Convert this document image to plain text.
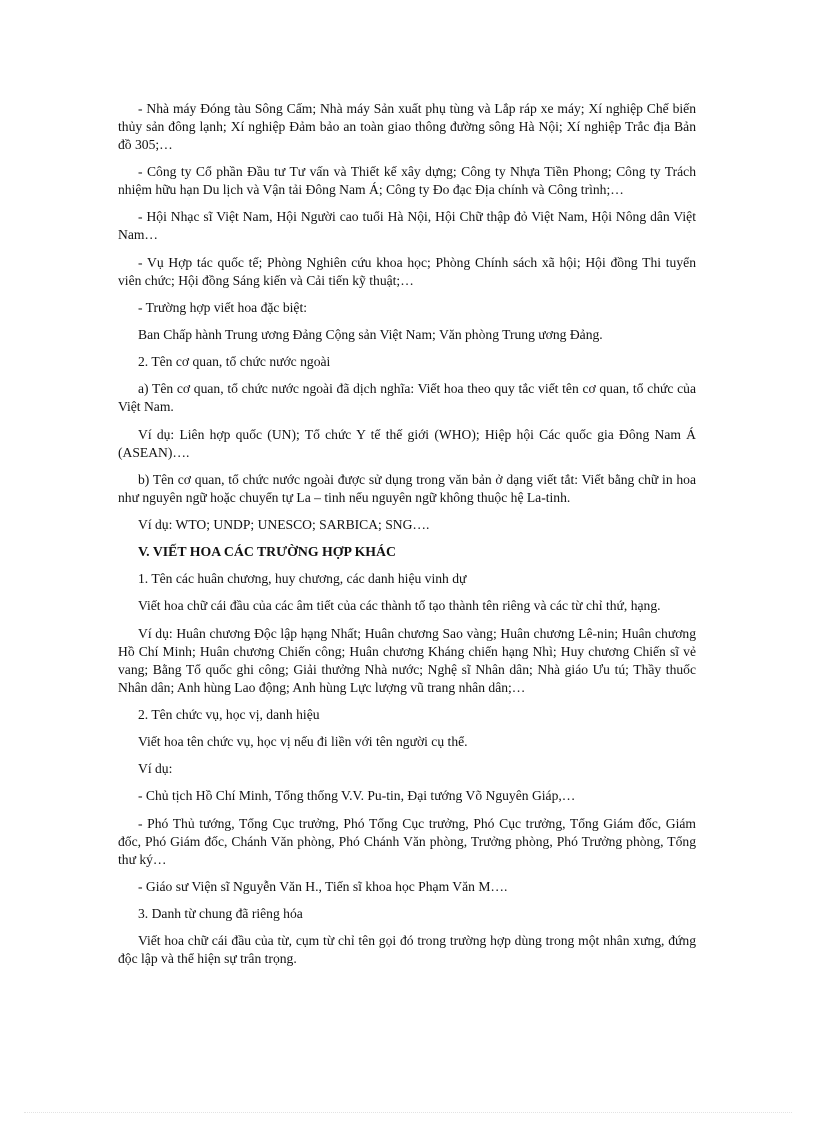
- Nhà máy Đóng tàu Sông Cấm; Nhà máy Sản xuất phụ tùng và Lắp ráp xe máy; Xí nghiệp Chế biến thủy sản đông lạnh; Xí nghiệp Đảm bảo an toàn giao thông đường sông Hà Nội; Xí nghiệp Trắc địa Bản đồ 305;…

- Công ty Cổ phần Đầu tư Tư vấn và Thiết kế xây dựng; Công ty Nhựa Tiền Phong; Công ty Trách nhiệm hữu hạn Du lịch và Vận tải Đông Nam Á; Công ty Đo đạc Địa chính và Công trình;…

- Hội Nhạc sĩ Việt Nam, Hội Người cao tuổi Hà Nội, Hội Chữ thập đỏ Việt Nam, Hội Nông dân Việt Nam…

- Vụ Hợp tác quốc tế; Phòng Nghiên cứu khoa học; Phòng Chính sách xã hội; Hội đồng Thi tuyển viên chức; Hội đồng Sáng kiến và Cải tiến kỹ thuật;…

- Trường hợp viết hoa đặc biệt:

Ban Chấp hành Trung ương Đảng Cộng sản Việt Nam; Văn phòng Trung ương Đảng.

2. Tên cơ quan, tổ chức nước ngoài

a) Tên cơ quan, tổ chức nước ngoài đã dịch nghĩa: Viết hoa theo quy tắc viết tên cơ quan, tổ chức của Việt Nam.

Ví dụ: Liên hợp quốc (UN); Tổ chức Y tế thế giới (WHO); Hiệp hội Các quốc gia Đông Nam Á (ASEAN)….

b) Tên cơ quan, tổ chức nước ngoài được sử dụng trong văn bản ở dạng viết tắt: Viết bằng chữ in hoa như nguyên ngữ hoặc chuyển tự La – tinh nếu nguyên ngữ không thuộc hệ La-tinh.

Ví dụ: WTO; UNDP; UNESCO; SARBICA; SNG….

V. VIẾT HOA CÁC TRƯỜNG HỢP KHÁC

1. Tên các huân chương, huy chương, các danh hiệu vinh dự

Viết hoa chữ cái đầu của các âm tiết của các thành tố tạo thành tên riêng và các từ chỉ thứ, hạng.

Ví dụ: Huân chương Độc lập hạng Nhất; Huân chương Sao vàng; Huân chương Lê-nin; Huân chương Hồ Chí Minh; Huân chương Chiến công; Huân chương Kháng chiến hạng Nhì; Huy chương Chiến sĩ vẻ vang; Bằng Tổ quốc ghi công; Giải thưởng Nhà nước; Nghệ sĩ Nhân dân; Nhà giáo Ưu tú; Thầy thuốc Nhân dân; Anh hùng Lao động; Anh hùng Lực lượng vũ trang nhân dân;…

2. Tên chức vụ, học vị, danh hiệu

Viết hoa tên chức vụ, học vị nếu đi liền với tên người cụ thể.

Ví dụ:

- Chủ tịch Hồ Chí Minh, Tổng thống V.V. Pu-tin, Đại tướng Võ Nguyên Giáp,…

- Phó Thủ tướng, Tổng Cục trưởng, Phó Tổng Cục trưởng, Phó Cục trưởng, Tổng Giám đốc, Giám đốc, Phó Giám đốc, Chánh Văn phòng, Phó Chánh Văn phòng, Trưởng phòng, Phó Trưởng phòng, Tổng thư ký…

- Giáo sư Viện sĩ Nguyễn Văn H., Tiến sĩ khoa học Phạm Văn M….

3. Danh từ chung đã riêng hóa

Viết hoa chữ cái đầu của từ, cụm từ chỉ tên gọi đó trong trường hợp dùng trong một nhân xưng, đứng độc lập và thể hiện sự trân trọng.
